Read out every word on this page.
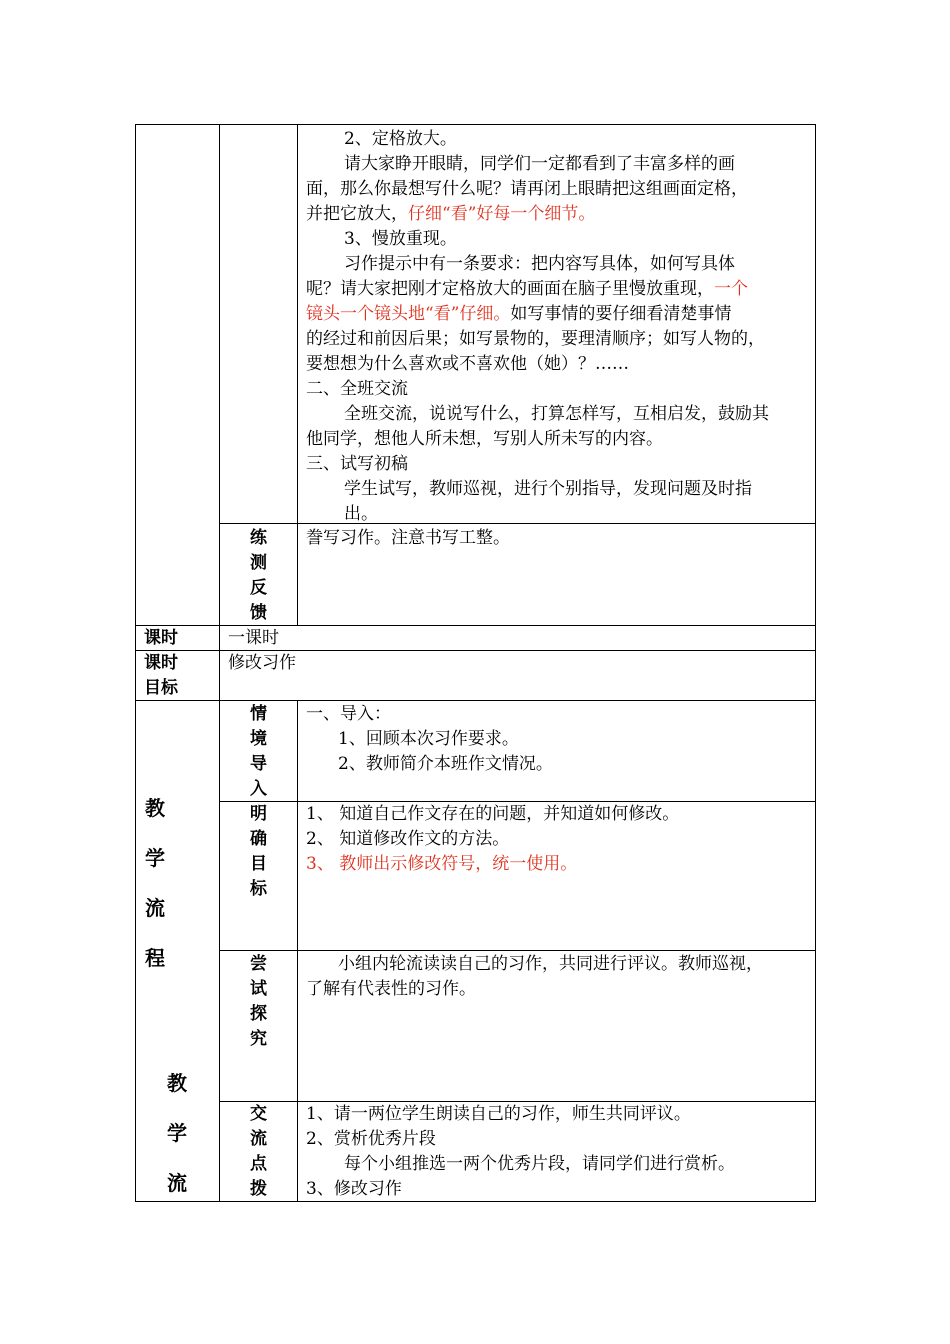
2、定格放大。
请大家睁开眼睛，同学们一定都看到了丰富多样的画
面，那么你最想写什么呢？请再闭上眼睛把这组画面定格，
并把它放大，仔细“看”好每一个细节。
3、慢放重现。
习作提示中有一条要求：把内容写具体，如何写具体
呢？请大家把刚才定格放大的画面在脑子里慢放重现，一个
镜头一个镜头地“看”仔细。如写事情的要仔细看清楚事情
的经过和前因后果；如写景物的，要理清顺序；如写人物的，
要想想为什么喜欢或不喜欢他（她）？……
二、全班交流
全班交流，说说写什么，打算怎样写，互相启发，鼓励其
他同学，想他人所未想，写别人所未写的内容。
三、试写初稿
学生试写，教师巡视，进行个别指导，发现问题及时指
出。
练
测
反
馈
誊写习作。注意书写工整。
课时	一课时
课时
目标
修改习作
教
学
流
程
教
学
流
情
境
导
入
一、导入：
1、回顾本次习作要求。
2、教师简介本班作文情况。
明
确
目
标
1、 知道自己作文存在的问题，并知道如何修改。
2、 知道修改作文的方法。
3、 教师出示修改符号，统一使用。
尝
试
探
究
小组内轮流读读自己的习作，共同进行评议。教师巡视，
了解有代表性的习作。
交
流
点
拨
1、请一两位学生朗读自己的习作，师生共同评议。
2、赏析优秀片段
每个小组推选一两个优秀片段，请同学们进行赏析。
3、修改习作
